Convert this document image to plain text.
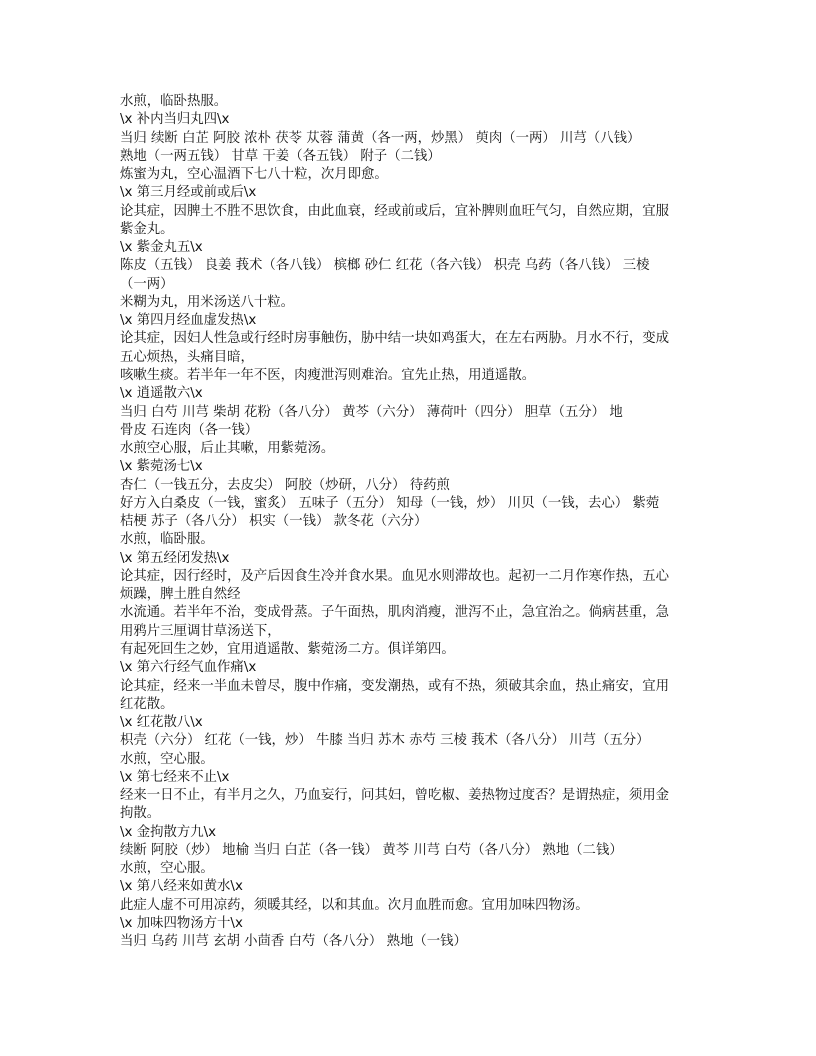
水煎，临卧热服。
\x 补内当归丸四\x
当归 续断 白芷 阿胶 浓朴 茯苓 苁蓉 蒲黄（各一两，炒黑） 萸肉（一两） 川芎（八钱）
熟地（一两五钱） 甘草 干姜（各五钱） 附子（二钱）
炼蜜为丸，空心温酒下七八十粒，次月即愈。
\x 第三月经或前或后\x
论其症，因脾土不胜不思饮食，由此血衰，经或前或后，宜补脾则血旺气匀，自然应期，宜服
紫金丸。
\x 紫金丸五\x
陈皮（五钱） 良姜 莪术（各八钱） 槟榔 砂仁 红花（各六钱） 枳壳 乌药（各八钱） 三棱
（一两）
米糊为丸，用米汤送八十粒。
\x 第四月经血虚发热\x
论其症，因妇人性急或行经时房事触伤，胁中结一块如鸡蛋大，在左右两胁。月水不行，变成
五心烦热，头痛目暗，
咳嗽生痰。若半年一年不医，肉瘦泄泻则难治。宜先止热，用逍遥散。
\x 逍遥散六\x
当归 白芍 川芎 柴胡 花粉（各八分） 黄芩（六分） 薄荷叶（四分） 胆草（五分） 地
骨皮 石连肉（各一钱）
水煎空心服，后止其嗽，用紫菀汤。
\x 紫菀汤七\x
杏仁（一钱五分，去皮尖） 阿胶（炒研，八分） 待药煎
好方入白桑皮（一钱，蜜炙） 五味子（五分） 知母（一钱，炒） 川贝（一钱，去心） 紫菀
桔梗 苏子（各八分） 枳实（一钱） 款冬花（六分）
水煎，临卧服。
\x 第五经闭发热\x
论其症，因行经时，及产后因食生冷并食水果。血见水则滞故也。起初一二月作寒作热，五心
烦躁，脾土胜自然经
水流通。若半年不治，变成骨蒸。子午面热，肌肉消瘦，泄泻不止，急宜治之。倘病甚重，急
用鸦片三厘调甘草汤送下，
有起死回生之妙，宜用逍遥散、紫菀汤二方。俱详第四。
\x 第六行经气血作痛\x
论其症，经来一半血未曾尽，腹中作痛，变发潮热，或有不热，须破其余血，热止痛安，宜用
红花散。
\x 红花散八\x
枳壳（六分） 红花（一钱，炒） 牛膝 当归 苏木 赤芍 三棱 莪术（各八分） 川芎（五分）
水煎，空心服。
\x 第七经来不止\x
经来一日不止，有半月之久，乃血妄行，问其妇，曾吃椒、姜热物过度否？是谓热症，须用金
拘散。
\x 金拘散方九\x
续断 阿胶（炒） 地榆 当归 白芷（各一钱） 黄芩 川芎 白芍（各八分） 熟地（二钱）
水煎，空心服。
\x 第八经来如黄水\x
此症人虚不可用凉药，须暖其经，以和其血。次月血胜而愈。宜用加味四物汤。
\x 加味四物汤方十\x
当归 乌药 川芎 玄胡 小茴香 白芍（各八分） 熟地（一钱）
